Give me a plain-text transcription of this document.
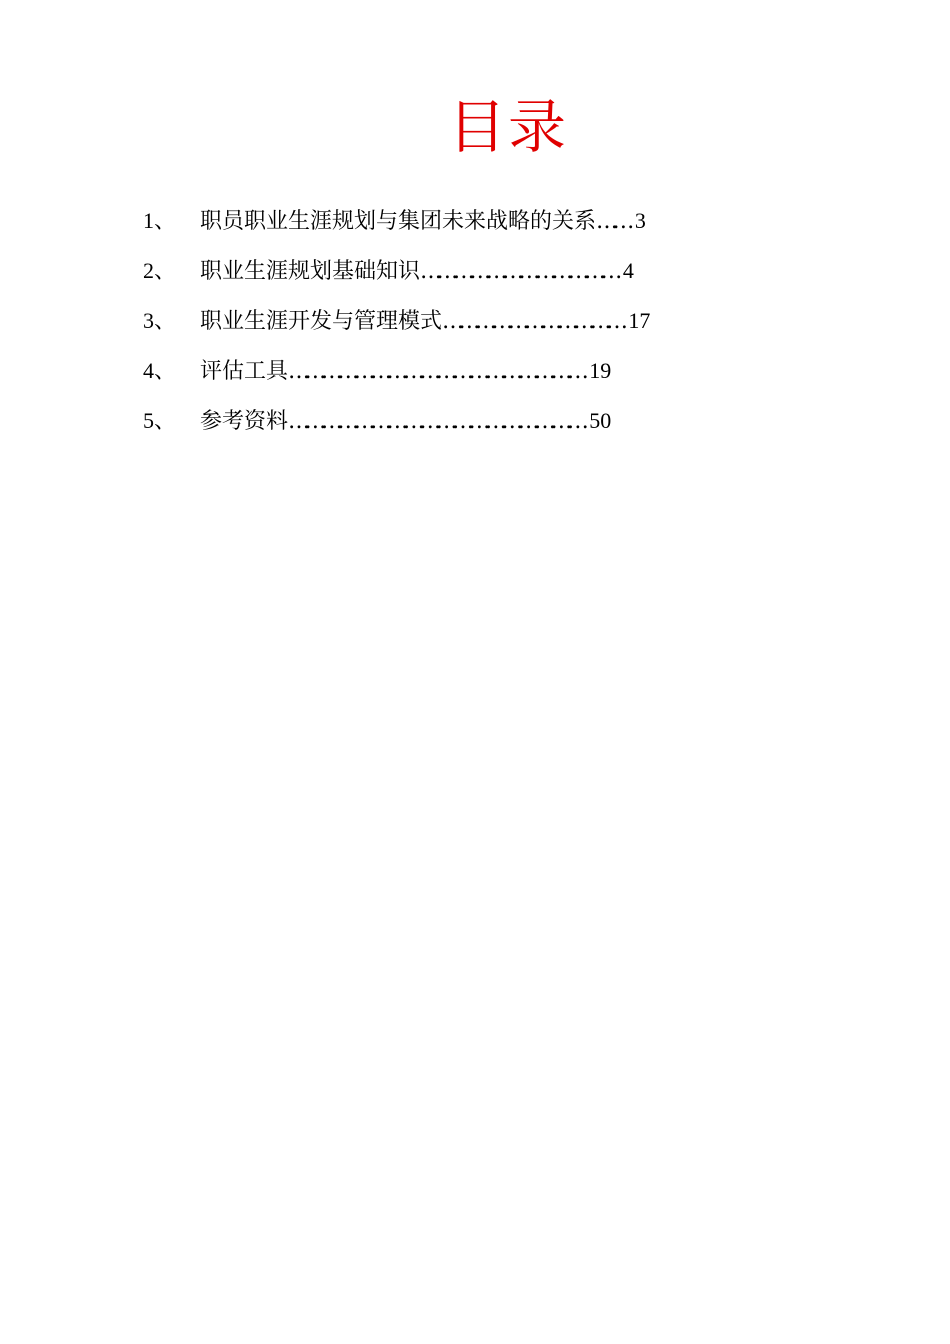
目录
1、 职员职业生涯规划与集团未来战略的关系…… 3
2、 职业生涯规划基础知识……………………………… 4
3、 职业生涯开发与管理模式…………………………… 17
4、 评估工具……………………………………………… 19
5、 参考资料……………………………………………… 50
